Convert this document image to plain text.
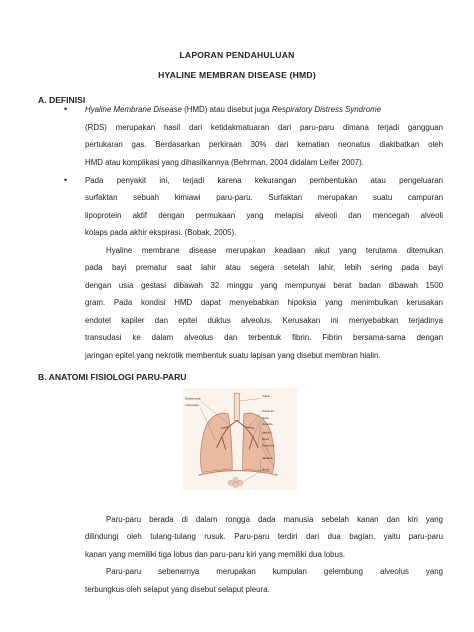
LAPORAN PENDAHULUAN
HYALINE MEMBRAN DISEASE (HMD)
A. DEFINISI
• Hyaline Membrane Disease (HMD) atau disebut juga Respiratory Distress Syndrome
(RDS) merupakan hasil dari ketidakmatuaran dari paru-paru dimana terjadi gangguan
pertukaran gas. Berdasarkan perkiraan 30% dari kematian neonatus diakibatkan oleh
HMD atau komplikasi yang dihasilkannya (Behrman, 2004 didalam Leifer 2007).
• Pada penyakit ini, terjadi karena kekurangan pembentukan atau pengeluaran
surfaktan sebuah kimiawi paru-paru. Surfaktan merupakan suatu campuran
lipoprotein aktif dengan permukaan yang melapisi alveoli dan mencegah alveoli
kolaps pada akhir ekspirasi. (Bobak, 2005).
Hyaline membrane disease merupakan keadaan akut yang terutama ditemukan
pada bayi prematur saat lahir atau segera setelah lahir, lebih sering pada bayi
dengan usia gestasi dibawah 32 minggu yang mempunyai berat badan dibawah 1500
gram. Pada kondisi HMD dapat menyebabkan hipoksia yang menimbulkan kerusakan
endotel kapiler dan epitel duktus alveolus. Kerusakan ini menyebabkan terjadinya
transudasi ke dalam alveolus dan terbentuk fibrin. Fibrin bersama-sama dengan
jaringan epitel yang nekrotik membentuk suatu lapisan yang disebut membran hialin.
B. ANATOMI FISIOLOGI PARU-PARU
Bronkus kanan
Lobus kanan
Trakea
bronkus kiri
bronki
bronkiolus
lobus kiri
Pleura
Pleural fluid
diafragma
Alveoli
Paru-paru berada di dalam rongga dada manusia sebelah kanan dan kiri yang
dilindungi oleh tulang-tulang rusuk. Paru-paru terdiri dari dua bagian, yaitu paru-paru
kanan yang memiliki tiga lobus dan paru-paru kiri yang memiliki dua lobus.
Paru-paru sebenarnya merupakan kumpulan gelembung alveolus yang
terbungkus oleh selaput yang disebut selaput pleura.
